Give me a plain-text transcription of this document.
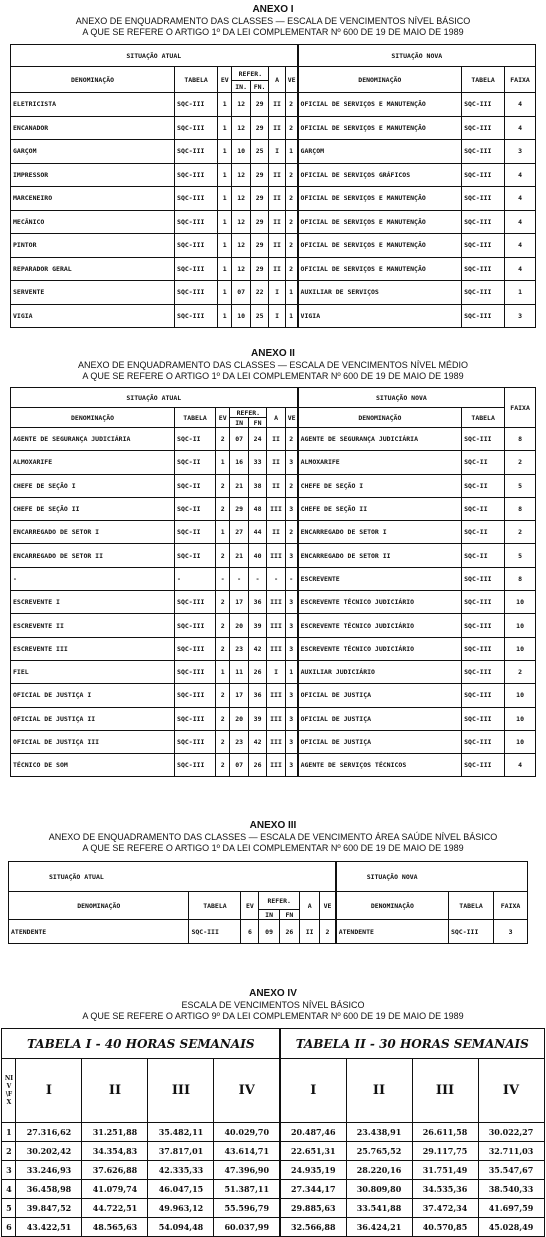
ANEXO I
ANEXO DE ENQUADRAMENTO DAS CLASSES — ESCALA DE VENCIMENTOS NÍVEL BÁSICO
A QUE SE REFERE O ARTIGO 1º DA LEI COMPLEMENTAR Nº 600 DE 19 DE MAIO DE 1989
SITUAÇÃO ATUAL							SITUAÇÃO NOVA		
DENOMINAÇÃO	TABELA	EV	REFER.		A	VE	DENOMINAÇÃO	TABELA	FAIXA
			IN.	FN.					
ELETRICISTA	SQC-III	1	12	29	II	2	OFICIAL DE SERVIÇOS E MANUTENÇÃO	SQC-III	4
ENCANADOR	SQC-III	1	12	29	II	2	OFICIAL DE SERVIÇOS E MANUTENÇÃO	SQC-III	4
GARÇOM	SQC-III	1	10	25	I	1	GARÇOM	SQC-III	3
IMPRESSOR	SQC-III	1	12	29	II	2	OFICIAL DE SERVIÇOS GRÁFICOS	SQC-III	4
MARCENEIRO	SQC-III	1	12	29	II	2	OFICIAL DE SERVIÇOS E MANUTENÇÃO	SQC-III	4
MECÂNICO	SQC-III	1	12	29	II	2	OFICIAL DE SERVIÇOS E MANUTENÇÃO	SQC-III	4
PINTOR	SQC-III	1	12	29	II	2	OFICIAL DE SERVIÇOS E MANUTENÇÃO	SQC-III	4
REPARADOR GERAL	SQC-III	1	12	29	II	2	OFICIAL DE SERVIÇOS E MANUTENÇÃO	SQC-III	4
SERVENTE	SQC-III	1	07	22	I	1	AUXILIAR DE SERVIÇOS	SQC-III	1
VIGIA	SQC-III	1	10	25	I	1	VIGIA	SQC-III	3
ANEXO II
ANEXO DE ENQUADRAMENTO DAS CLASSES — ESCALA DE VENCIMENTOS NÍVEL MÉDIO
A QUE SE REFERE O ARTIGO 1º DA LEI COMPLEMENTAR Nº 600 DE 19 DE MAIO DE 1989
SITUAÇÃO ATUAL							SITUAÇÃO NOVA		FAIXA
DENOMINAÇÃO	TABELA	EV	REFER.		A	VE	DENOMINAÇÃO	TABELA	
			IN	FN					
AGENTE DE SEGURANÇA JUDICIÁRIA	SQC-II	2	07	24	II	2	AGENTE DE SEGURANÇA JUDICIÁRIA	SQC-III	8
ALMOXARIFE	SQC-II	1	16	33	II	3	ALMOXARIFE	SQC-II	2
CHEFE DE SEÇÃO I	SQC-II	2	21	38	II	2	CHEFE DE SEÇÃO I	SQC-II	5
CHEFE DE SEÇÃO II	SQC-II	2	29	48	III	3	CHEFE DE SEÇÃO II	SQC-II	8
ENCARREGADO DE SETOR I	SQC-II	1	27	44	II	2	ENCARREGADO DE SETOR I	SQC-II	2
ENCARREGADO DE SETOR II	SQC-II	2	21	40	III	3	ENCARREGADO DE SETOR II	SQC-II	5
-	-	-	-	-	-	-	ESCREVENTE	SQC-III	8
ESCREVENTE I	SQC-III	2	17	36	III	3	ESCREVENTE TÉCNICO JUDICIÁRIO	SQC-III	10
ESCREVENTE II	SQC-III	2	20	39	III	3	ESCREVENTE TÉCNICO JUDICIÁRIO	SQC-III	10
ESCREVENTE III	SQC-III	2	23	42	III	3	ESCREVENTE TÉCNICO JUDICIÁRIO	SQC-III	10
FIEL	SQC-III	1	11	26	I	1	AUXILIAR JUDICIÁRIO	SQC-III	2
OFICIAL DE JUSTIÇA I	SQC-III	2	17	36	III	3	OFICIAL DE JUSTIÇA	SQC-III	10
OFICIAL DE JUSTIÇA II	SQC-III	2	20	39	III	3	OFICIAL DE JUSTIÇA	SQC-III	10
OFICIAL DE JUSTIÇA III	SQC-III	2	23	42	III	3	OFICIAL DE JUSTIÇA	SQC-III	10
TÉCNICO DE SOM	SQC-III	2	07	26	III	3	AGENTE DE SERVIÇOS TÉCNICOS	SQC-III	4
ANEXO III
ANEXO DE ENQUADRAMENTO DAS CLASSES — ESCALA DE VENCIMENTO ÁREA SAÚDE NÍVEL BÁSICO
A QUE SE REFERE O ARTIGO 1º DA LEI COMPLEMENTAR Nº 600 DE 19 DE MAIO DE 1989
SITUAÇÃO ATUAL							SITUAÇÃO NOVA		
DENOMINAÇÃO	TABELA	EV	REFER.		A	VE	DENOMINAÇÃO	TABELA	FAIXA
			IN	FN					
ATENDENTE	SQC-III	6	09	26	II	2	ATENDENTE	SQC-III	3
ANEXO IV
ESCALA DE VENCIMENTOS NÍVEL BÁSICO
A QUE SE REFERE O ARTIGO 9º DA LEI COMPLEMENTAR Nº 600 DE 19 DE MAIO DE 1989
TABELA I - 40 HORAS SEMANAIS					TABELA II - 30 HORAS SEMANAIS			
NIV\FX	I	II	III	IV	I	II	III	IV
1	27.316,62	31.251,88	35.482,11	40.029,70	20.487,46	23.438,91	26.611,58	30.022,27
2	30.202,42	34.354,83	37.817,01	43.614,71	22.651,31	25.765,52	29.117,75	32.711,03
3	33.246,93	37.626,88	42.335,33	47.396,90	24.935,19	28.220,16	31.751,49	35.547,67
4	36.458,98	41.079,74	46.047,15	51.387,11	27.344,17	30.809,80	34.535,36	38.540,33
5	39.847,52	44.722,51	49.963,12	55.596,79	29.885,63	33.541,88	37.472,34	41.697,59
6	43.422,51	48.565,63	54.094,48	60.037,99	32.566,88	36.424,21	40.570,85	45.028,49
